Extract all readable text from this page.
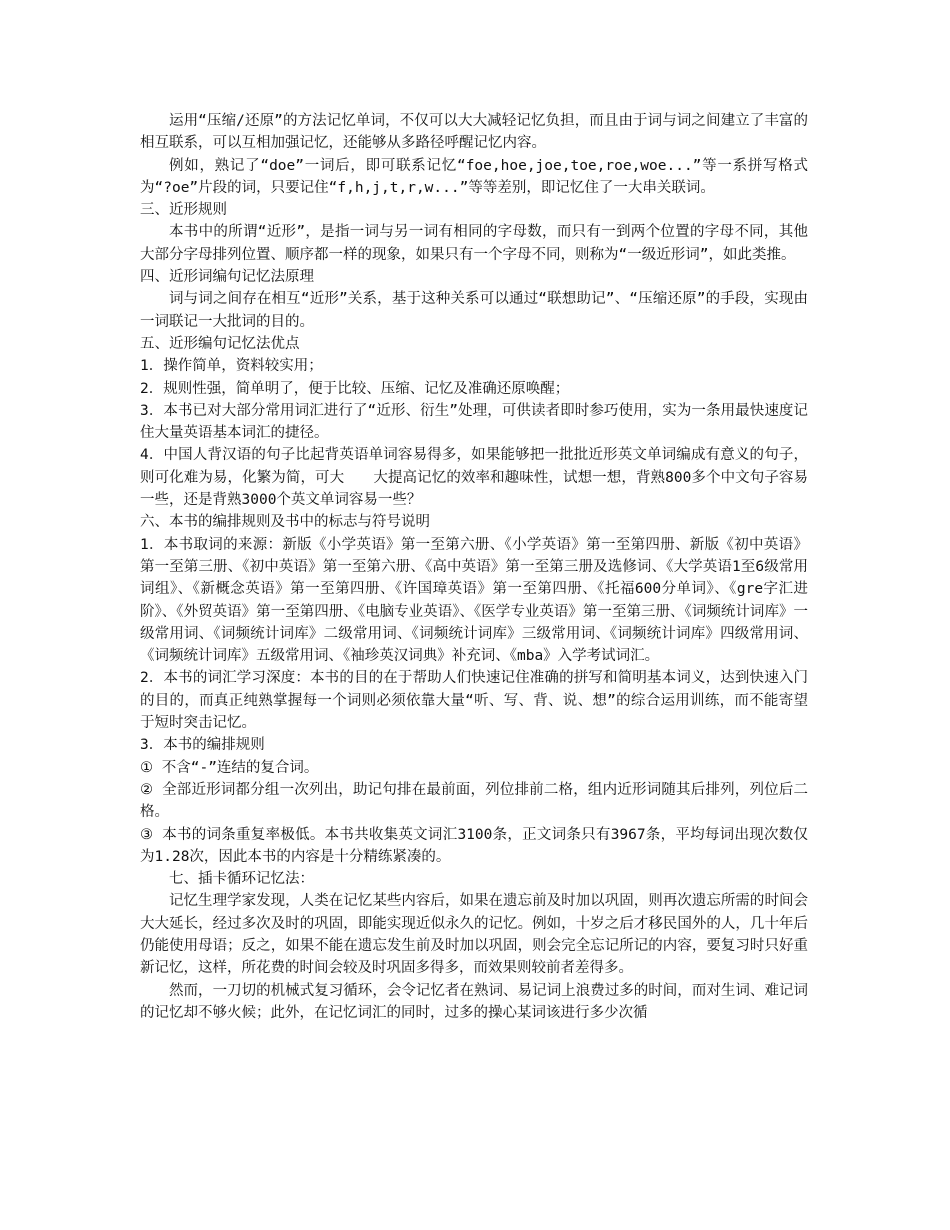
运用“压缩/还原”的方法记忆单词，不仅可以大大减轻记忆负担，而且由于词与词之间建立了丰富的相互联系，可以互相加强记忆，还能够从多路径呼醒记忆内容。

例如，熟记了“doe”一词后，即可联系记忆“foe,hoe,joe,toe,roe,woe...”等一系拼写格式为“?oe”片段的词，只要记住“f,h,j,t,r,w...”等等差别，即记忆住了一大串关联词。

三、近形规则

本书中的所谓“近形”，是指一词与另一词有相同的字母数，而只有一到两个位置的字母不同，其他大部分字母排列位置、顺序都一样的现象，如果只有一个字母不同，则称为“一级近形词”，如此类推。

四、近形词编句记忆法原理

词与词之间存在相互“近形”关系，基于这种关系可以通过“联想助记”、“压缩还原”的手段，实现由一词联记一大批词的目的。

五、近形编句记忆法优点

1．操作简单，资料较实用；

2．规则性强，简单明了，便于比较、压缩、记忆及准确还原唤醒；

3．本书已对大部分常用词汇进行了“近形、衍生”处理，可供读者即时参巧使用，实为一条用最快速度记住大量英语基本词汇的捷径。

4．中国人背汉语的句子比起背英语单词容易得多，如果能够把一批批近形英文单词编成有意义的句子，则可化难为易，化繁为简，可大　　大提高记忆的效率和趣味性，试想一想，背熟800多个中文句子容易一些，还是背熟3000个英文单词容易一些？

六、本书的编排规则及书中的标志与符号说明

1．本书取词的来源：新版《小学英语》第一至第六册、《小学英语》第一至第四册、新版《初中英语》第一至第三册、《初中英语》第一至第六册、《高中英语》第一至第三册及选修词、《大学英语1至6级常用词组》、《新概念英语》第一至第四册、《许国璋英语》第一至第四册、《托福600分单词》、《gre字汇进阶》、《外贸英语》第一至第四册、《电脑专业英语》、《医学专业英语》第一至第三册、《词频统计词库》一级常用词、《词频统计词库》二级常用词、《词频统计词库》三级常用词、《词频统计词库》四级常用词、《词频统计词库》五级常用词、《袖珍英汉词典》补充词、《mba》入学考试词汇。

2．本书的词汇学习深度：本书的目的在于帮助人们快速记住准确的拼写和简明基本词义，达到快速入门的目的，而真正纯熟掌握每一个词则必须依靠大量“听、写、背、说、想”的综合运用训练，而不能寄望于短时突击记忆。

3．本书的编排规则

① 不含“-”连结的复合词。

② 全部近形词都分组一次列出，助记句排在最前面，列位排前二格，组内近形词随其后排列，列位后二格。

③ 本书的词条重复率极低。本书共收集英文词汇3100条，正文词条只有3967条，平均每词出现次数仅为1.28次，因此本书的内容是十分精练紧凑的。

七、插卡循环记忆法：

记忆生理学家发现，人类在记忆某些内容后，如果在遗忘前及时加以巩固，则再次遗忘所需的时间会大大延长，经过多次及时的巩固，即能实现近似永久的记忆。例如，十岁之后才移民国外的人，几十年后仍能使用母语；反之，如果不能在遗忘发生前及时加以巩固，则会完全忘记所记的内容，要复习时只好重新记忆，这样，所花费的时间会较及时巩固多得多，而效果则较前者差得多。

然而，一刀切的机械式复习循环，会令记忆者在熟词、易记词上浪费过多的时间，而对生词、难记词的记忆却不够火候；此外，在记忆词汇的同时，过多的操心某词该进行多少次循
